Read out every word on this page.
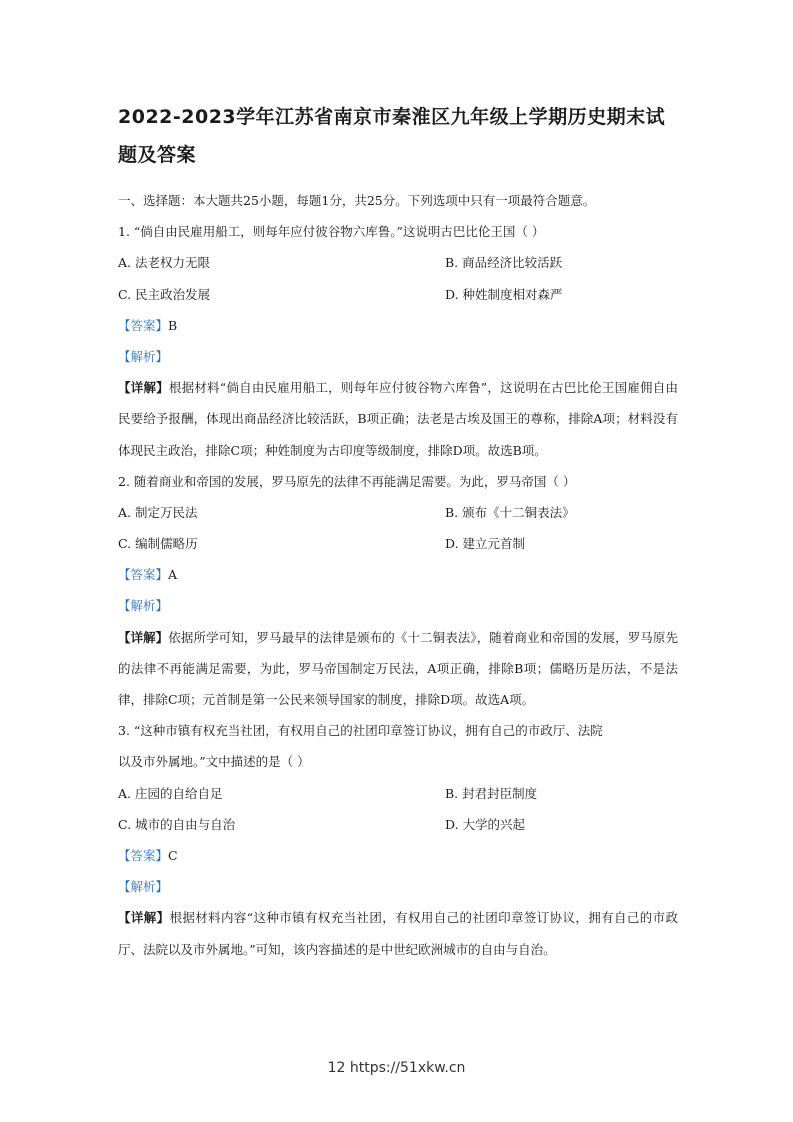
2022-2023学年江苏省南京市秦淮区九年级上学期历史期末试题及答案
一、选择题：本大题共25小题，每题1分，共25分。下列选项中只有一项最符合题意。
1. “倘自由民雇用船工，则每年应付彼谷物六库鲁。”这说明古巴比伦王国（ ）
A. 法老权力无限	B. 商品经济比较活跃
C. 民主政治发展	D. 种姓制度相对森严
【答案】B
【解析】
【详解】根据材料“倘自由民雇用船工，则每年应付彼谷物六库鲁”，这说明在古巴比伦王国雇佣自由民要给予报酬，体现出商品经济比较活跃，B项正确；法老是古埃及国王的尊称，排除A项；材料没有体现民主政治，排除C项；种姓制度为古印度等级制度，排除D项。故选B项。
2. 随着商业和帝国的发展，罗马原先的法律不再能满足需要。为此，罗马帝国（ ）
A. 制定万民法	B. 颁布《十二铜表法》
C. 编制儒略历	D. 建立元首制
【答案】A
【解析】
【详解】依据所学可知，罗马最早的法律是颁布的《十二铜表法》，随着商业和帝国的发展，罗马原先的法律不再能满足需要，为此，罗马帝国制定万民法，A项正确，排除B项；儒略历是历法，不是法律，排除C项；元首制是第一公民来领导国家的制度，排除D项。故选A项。
3. “这种市镇有权充当社团，有权用自己的社团印章签订协议，拥有自己的市政厅、法院
以及市外属地。”文中描述的是（ ）
A. 庄园的自给自足	B. 封君封臣制度
C. 城市的自由与自治	D. 大学的兴起
【答案】C
【解析】
【详解】根据材料内容“这种市镇有权充当社团，有权用自己的社团印章签订协议，拥有自己的市政厅、法院以及市外属地。”可知，该内容描述的是中世纪欧洲城市的自由与自治。
12 https://51xkw.cn
